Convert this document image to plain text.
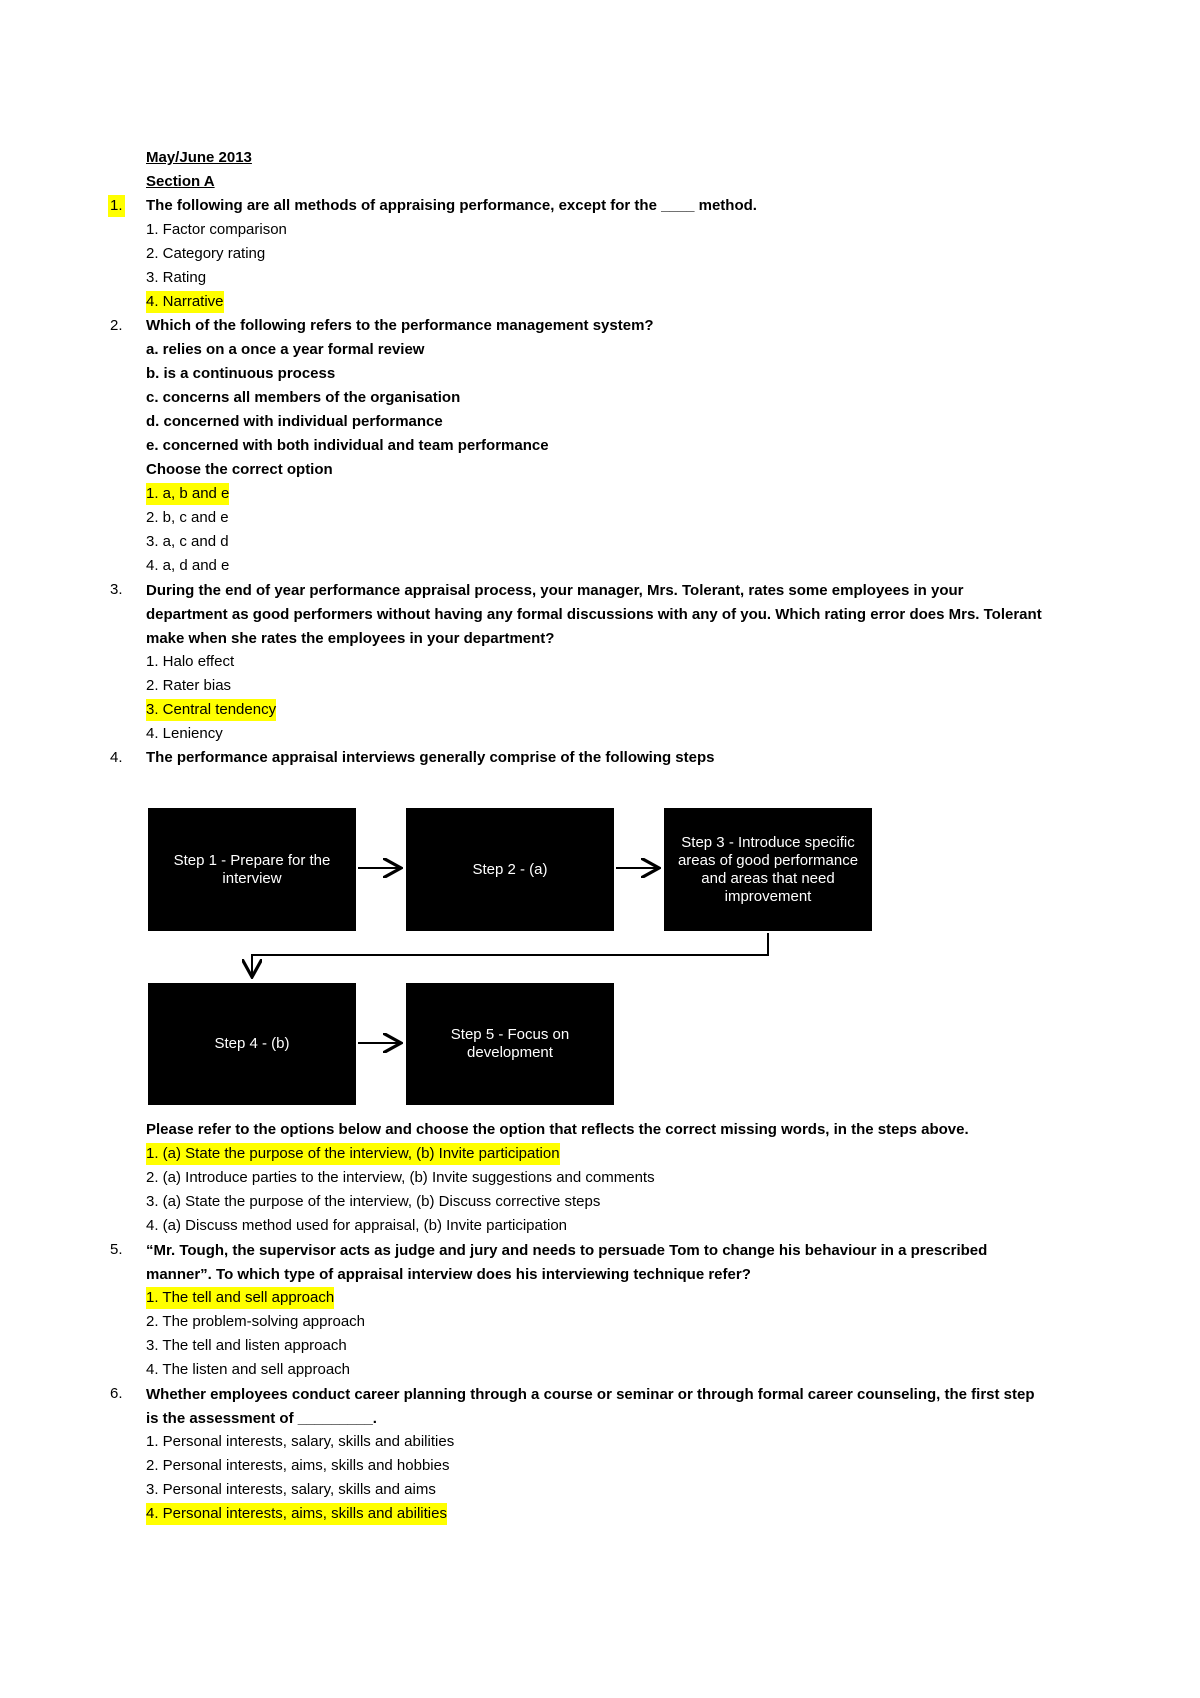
May/June 2013
Section A
1. The following are all methods of appraising performance, except for the ____ method.
1. Factor comparison
2. Category rating
3. Rating
4. Narrative
2. Which of the following refers to the performance management system?
a. relies on a once a year formal review
b. is a continuous process
c. concerns all members of the organisation
d. concerned with individual performance
e. concerned with both individual and team performance
Choose the correct option
1. a, b and e
2. b, c and e
3. a, c and d
4. a, d and e
3. During the end of year performance appraisal process, your manager, Mrs. Tolerant, rates some employees in your department as good performers without having any formal discussions with any of you. Which rating error does Mrs. Tolerant make when she rates the employees in your department?
1. Halo effect
2. Rater bias
3. Central tendency
4. Leniency
4. The performance appraisal interviews generally comprise of the following steps
Step 1 - Prepare for the interview
Step 2 - (a)
Step 3 - Introduce specific areas of good performance and areas that need improvement
Step 4 - (b)
Step 5 - Focus on development
Please refer to the options below and choose the option that reflects the correct missing words, in the steps above.
1. (a) State the purpose of the interview, (b) Invite participation
2. (a) Introduce parties to the interview, (b) Invite suggestions and comments
3. (a) State the purpose of the interview, (b) Discuss corrective steps
4. (a) Discuss method used for appraisal, (b) Invite participation
5. “Mr. Tough, the supervisor acts as judge and jury and needs to persuade Tom to change his behaviour in a prescribed manner”. To which type of appraisal interview does his interviewing technique refer?
1. The tell and sell approach
2. The problem-solving approach
3. The tell and listen approach
4. The listen and sell approach
6. Whether employees conduct career planning through a course or seminar or through formal career counseling, the first step is the assessment of _________.
1. Personal interests, salary, skills and abilities
2. Personal interests, aims, skills and hobbies
3. Personal interests, salary, skills and aims
4. Personal interests, aims, skills and abilities
